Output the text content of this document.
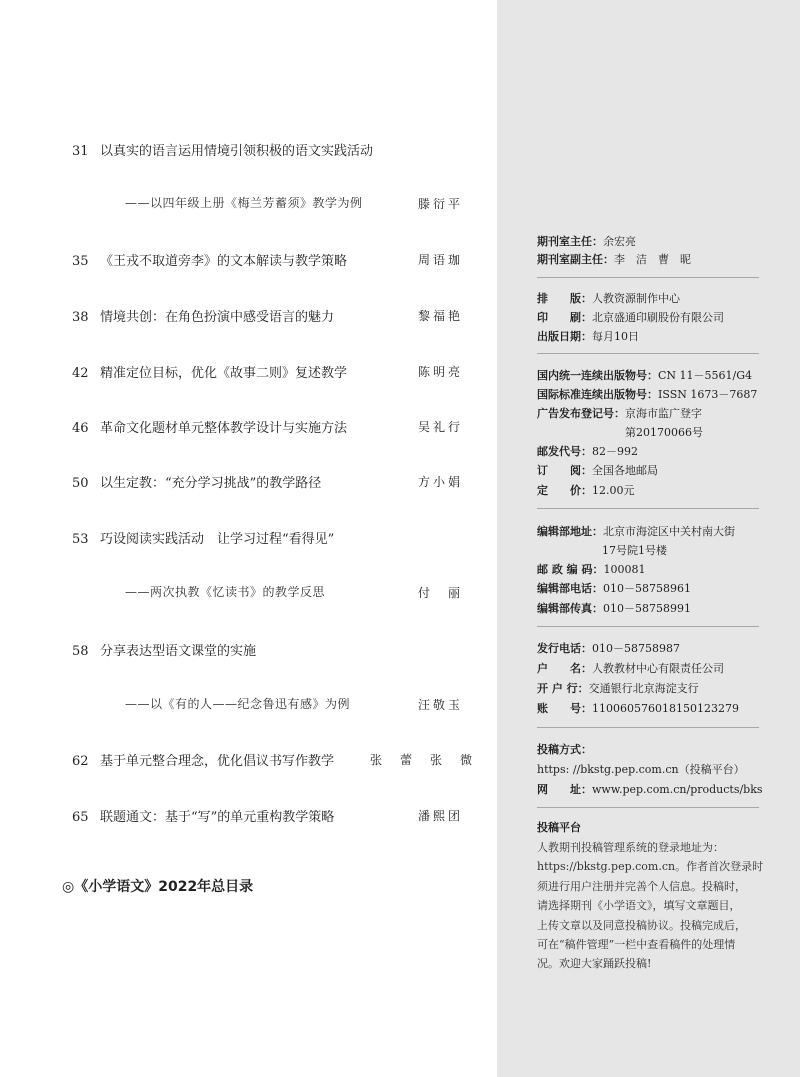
31 以真实的语言运用情境引领积极的语文实践活动
——以四年级上册《梅兰芳蓄须》教学为例	滕衍平
35 《王戎不取道旁李》的文本解读与教学策略	周语珈
38 情境共创：在角色扮演中感受语言的魅力	黎福艳
42 精准定位目标，优化《故事二则》复述教学	陈明亮
46 革命文化题材单元整体教学设计与实施方法	吴礼行
50 以生定教：“充分学习挑战”的教学路径	方小娟
53 巧设阅读实践活动　让学习过程“看得见”
——两次执教《忆读书》的教学反思	付　丽
58 分享表达型语文课堂的实施
——以《有的人——纪念鲁迅有感》为例	汪敬玉
62 基于单元整合理念，优化倡议书写作教学	张　蕾　张　微
65 联题通文：基于“写”的单元重构教学策略	潘熙团
◎《小学语文》2022年总目录
期刊室主任：余宏亮
期刊室副主任：李　洁　曹　昵
排　　版：人教资源制作中心
印　　刷：北京盛通印刷股份有限公司
出版日期：每月10日
国内统一连续出版物号：CN 11－5561/G4
国际标准连续出版物号：ISSN 1673－7687
广告发布登记号：京海市监广登字
第20170066号
邮发代号：82－992
订　　阅：全国各地邮局
定　　价：12.00元
编辑部地址：北京市海淀区中关村南大街
17号院1号楼
邮 政 编 码：100081
编辑部电话：010－58758961
编辑部传真：010－58758991
发行电话：010－58758987
户　　名：人教教材中心有限责任公司
开 户 行：交通银行北京海淀支行
账　　号：110060576018150123279
投稿方式：
https: //bkstg.pep.com.cn（投稿平台）
网　　址：www.pep.com.cn/products/bks
投稿平台
人教期刊投稿管理系统的登录地址为：
https://bkstg.pep.com.cn。作者首次登录时
须进行用户注册并完善个人信息。投稿时，
请选择期刊《小学语文》，填写文章题目，
上传文章以及同意投稿协议。投稿完成后，
可在“稿件管理”一栏中查看稿件的处理情
况。欢迎大家踊跃投稿!
